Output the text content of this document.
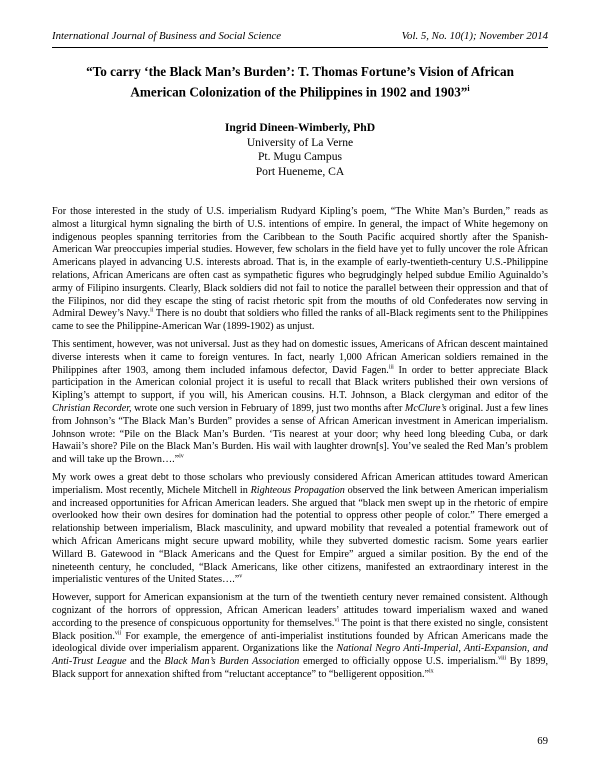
International Journal of Business and Social Science	Vol. 5, No. 10(1); November 2014
“To carry ‘the Black Man’s Burden’: T. Thomas Fortune’s Vision of African
American Colonization of the Philippines in 1902 and 1903”$^i$
Ingrid Dineen-Wimberly, PhD
University of La Verne
Pt. Mugu Campus
Port Hueneme, CA

For those interested in the study of U.S. imperialism Rudyard Kipling’s poem, “The White Man’s Burden,” reads as almost a liturgical hymn signaling the birth of U.S. intentions of empire. In general, the impact of White hegemony on indigenous peoples spanning territories from the Caribbean to the South Pacific acquired shortly after the Spanish-American War preoccupies imperial studies. However, few scholars in the field have yet to fully uncover the role African Americans played in advancing U.S. interests abroad. That is, in the example of early-twentieth-century U.S.-Philippine relations, African Americans are often cast as sympathetic figures who begrudgingly helped subdue Emilio Aguinaldo’s army of Filipino insurgents. Clearly, Black soldiers did not fail to notice the parallel between their oppression and that of the Filipinos, nor did they escape the sting of racist rhetoric spit from the mouths of old Confederates now serving in Admiral Dewey’s Navy.$^{ii}$ There is no doubt that soldiers who filled the ranks of all-Black regiments sent to the Philippines came to see the Philippine-American War (1899-1902) as unjust.

This sentiment, however, was not universal. Just as they had on domestic issues, Americans of African descent maintained diverse interests when it came to foreign ventures. In fact, nearly 1,000 African American soldiers remained in the Philippines after 1903, among them included infamous defector, David Fagen.$^{iii}$ In order to better appreciate Black participation in the American colonial project it is useful to recall that Black writers published their own versions of Kipling’s attempt to support, if you will, his American cousins. H.T. Johnson, a Black clergyman and editor of the Christian Recorder, wrote one such version in February of 1899, just two months after McClure’s original. Just a few lines from Johnson’s “The Black Man’s Burden” provides a sense of African American investment in American imperialism. Johnson wrote: “Pile on the Black Man’s Burden. ‘Tis nearest at your door; why heed long bleeding Cuba, or dark Hawaii’s shore? Pile on the Black Man’s Burden. His wail with laughter drown[s]. You’ve sealed the Red Man’s problem and will take up the Brown….”$^{iv}$

My work owes a great debt to those scholars who previously considered African American attitudes toward American imperialism. Most recently, Michele Mitchell in Righteous Propagation observed the link between American imperialism and increased opportunities for African American leaders. She argued that “black men swept up in the rhetoric of empire overlooked how their own desires for domination had the potential to oppress other people of color.” There emerged a relationship between imperialism, Black masculinity, and upward mobility that revealed a potential framework out of which African Americans might secure upward mobility, while they subverted domestic racism. Some years earlier Willard B. Gatewood in “Black Americans and the Quest for Empire” argued a similar position. By the end of the nineteenth century, he concluded, “Black Americans, like other citizens, manifested an extraordinary interest in the imperialistic ventures of the United States….”$^v$

However, support for American expansionism at the turn of the twentieth century never remained consistent. Although cognizant of the horrors of oppression, African American leaders’ attitudes toward imperialism waxed and waned according to the presence of conspicuous opportunity for themselves.$^{vi}$ The point is that there existed no single, consistent Black position.$^{vii}$ For example, the emergence of anti-imperialist institutions founded by African Americans made the ideological divide over imperialism apparent. Organizations like the National Negro Anti-Imperial, Anti-Expansion, and Anti-Trust League and the Black Man’s Burden Association emerged to officially oppose U.S. imperialism.$^{viii}$ By 1899, Black support for annexation shifted from “reluctant acceptance” to “belligerent opposition.”$^{ix}$

69
